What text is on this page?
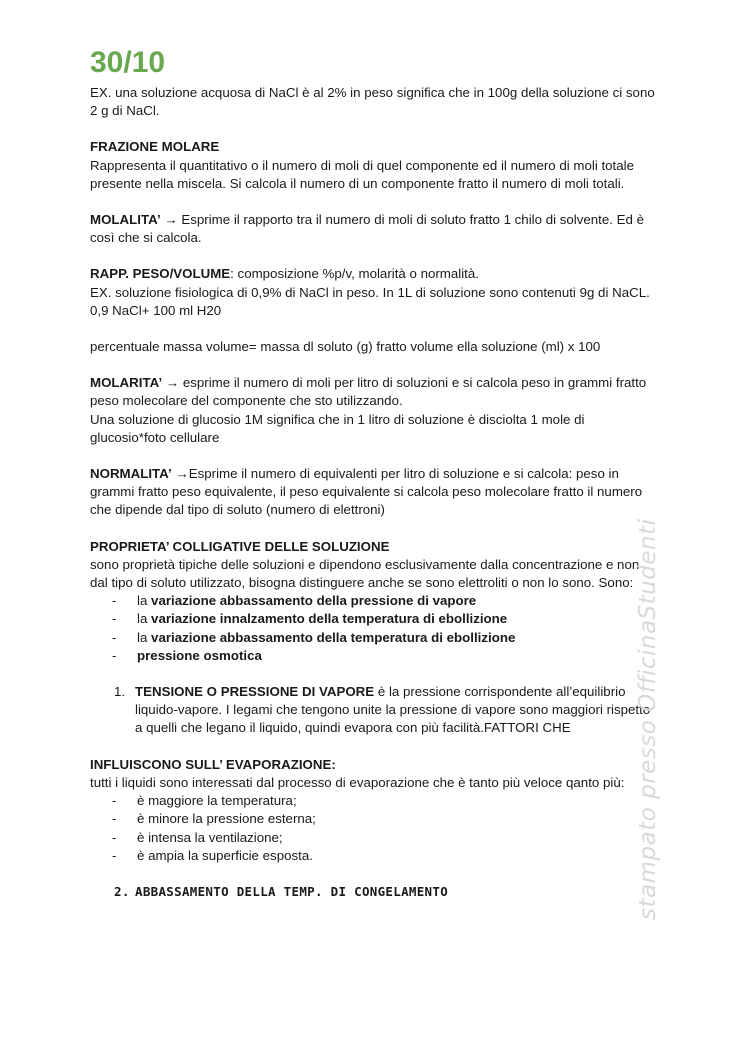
30/10

EX. una soluzione acquosa di NaCl è al 2% in peso significa che in 100g della soluzione ci sono 2 g di NaCl.

FRAZIONE MOLARE

Rappresenta il quantitativo o il numero di moli di quel componente ed il numero di moli totale presente nella miscela. Si calcola il numero di un componente fratto il numero di moli totali.

MOLALITA’ → Esprime il rapporto tra il numero di moli di soluto fratto 1 chilo di solvente. Ed è così che si calcola.

RAPP. PESO/VOLUME: composizione %p/v, molarità o normalità.

EX. soluzione fisiologica di 0,9% di NaCl in peso. In 1L di soluzione sono contenuti 9g di NaCL. 0,9 NaCl+ 100 ml H20

percentuale massa volume= massa dl soluto (g) fratto volume ella soluzione (ml) x 100

MOLARITA’ → esprime il numero di moli per litro di soluzioni e si calcola peso in grammi fratto peso molecolare del componente che sto utilizzando.

Una soluzione di glucosio 1M significa che in 1 litro di soluzione è disciolta 1 mole di glucosio*foto cellulare

NORMALITA’ →Esprime il numero di equivalenti per litro di soluzione e si calcola: peso in grammi fratto peso equivalente, il peso equivalente si calcola peso molecolare fratto il numero che dipende dal tipo di soluto (numero di elettroni)

PROPRIETA’ COLLIGATIVE DELLE SOLUZIONE

sono proprietà tipiche delle soluzioni e dipendono esclusivamente dalla concentrazione e non dal tipo di soluto utilizzato, bisogna distinguere anche se sono elettroliti o non lo sono. Sono:

- la variazione abbassamento della pressione di vapore
- la variazione innalzamento della temperatura di ebollizione
- la variazione abbassamento della temperatura di ebollizione
- pressione osmotica
1. TENSIONE O PRESSIONE DI VAPORE è la pressione corrispondente all’equilibrio liquido-vapore. I legami che tengono unite la pressione di vapore sono maggiori rispetto a quelli che legano il liquido, quindi evapora con più facilità.FATTORI CHE

INFLUISCONO SULL’ EVAPORAZIONE:

tutti i liquidi sono interessati dal processo di evaporazione che è tanto più veloce qanto più:

- è maggiore la temperatura;
- è minore la pressione esterna;
- è intensa la ventilazione;
- è ampia la superficie esposta.
2. ABBASSAMENTO DELLA TEMP. DI CONGELAMENTO	stampato presso OfficinaStudenti
